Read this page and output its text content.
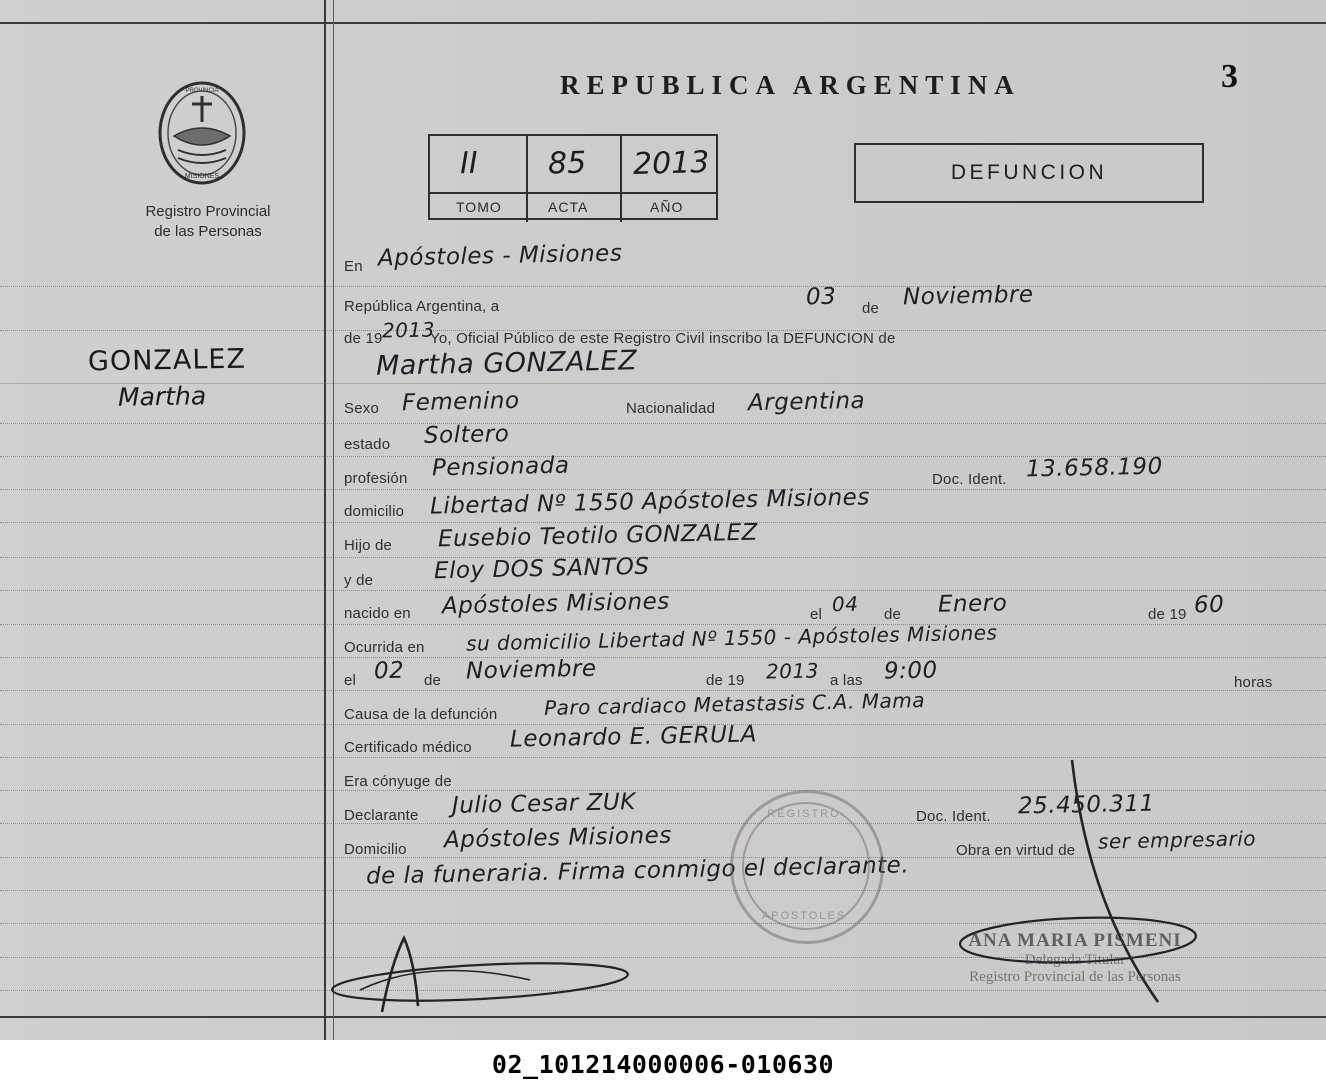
REPUBLICA ARGENTINA	3
MISIONES
PROVINCIA
Registro Provincial
de las Personas
TOMO	ACTA	AÑO
II 85 2013	DEFUNCION
GONZALEZ
Martha
En Apóstoles - Misiones
República Argentina, a	03 de Noviembre
de 19 2013
Yo, Oficial Público de este Registro Civil inscribo la DEFUNCION de
Martha GONZALEZ
Sexo Femenino	Nacionalidad Argentina
estado Soltero
profesión Pensionada	Doc. Ident. 13.658.190
domicilio Libertad Nº 1550 Apóstoles Misiones
Hijo de Eusebio Teotilo GONZALEZ
y de	Eloy DOS SANTOS
nacido en Apóstoles Misiones	el 04 de Enero	de 19 60
Ocurrida en su domicilio Libertad Nº 1550 - Apóstoles Misiones
el 02 de Noviembre	de 19 2013 a las 9:00	horas
Causa de la defunción Paro cardiaco Metastasis C.A. Mama
Certificado médico Leonardo E. GERULA
Era cónyuge de
Declarante Julio Cesar ZUK	Doc. Ident. 25.450.311
Domicilio Apóstoles Misiones	Obra en virtud de ser empresario
de la funeraria. Firma conmigo el declarante.
REGISTRO
APOSTOLES
ANA MARIA PISMENI
Delegada Titular
Registro Provincial de las Personas
02_101214000006-010630
